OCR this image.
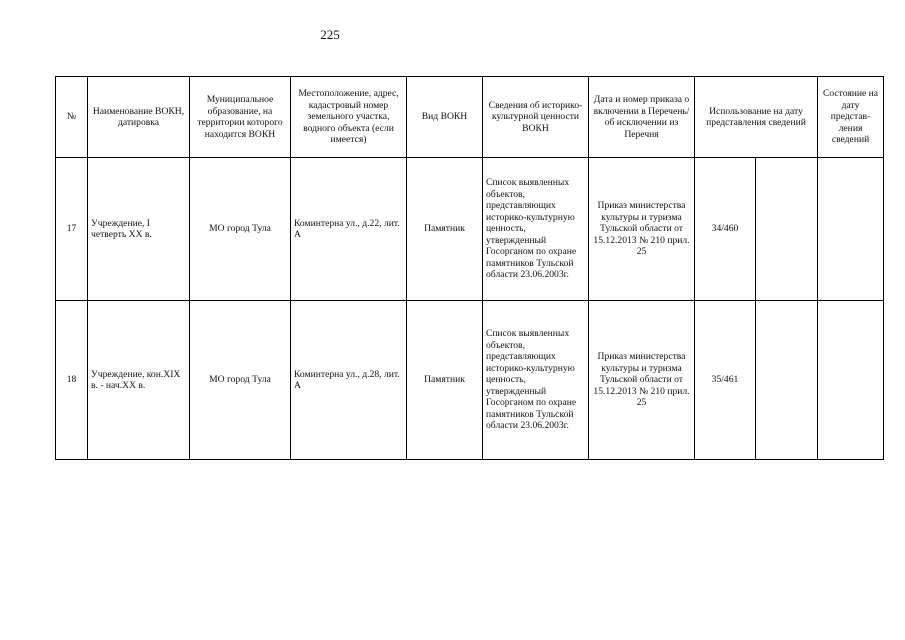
225
№	Наименование ВОКН, датировка	Муниципальное образование, на территории которого находится ВОКН	Местоположение, адрес, кадастровый номер земельного участка, водного объекта (если имеется)	Вид ВОКН	Сведения об историко-культурной ценности ВОКН	Дата и номер приказа о включении в Перечень/ об исключении из Перечня	Использование на дату представления сведений		Состояние на дату представ-ления сведений
17	Учреждение, I четверть XX в.	МО город Тула	Коминтерна ул., д.22, лит. А	Памятник	Список выявленных объектов, представляющих историко-культурную ценность, утвержденный Госорганом по охране памятников Тульской области 23.06.2003г.	Приказ министерства культуры и туризма Тульской области от 15.12.2013 № 210 прил. 25	34/460		
18	Учреждение, кон.XIX в. - нач.XX в.	МО город Тула	Коминтерна ул., д.28, лит. А	Памятник	Список выявленных объектов, представляющих историко-культурную ценность, утвержденный Госорганом по охране памятников Тульской области 23.06.2003г.	Приказ министерства культуры и туризма Тульской области от 15.12.2013 № 210 прил. 25	35/461		
